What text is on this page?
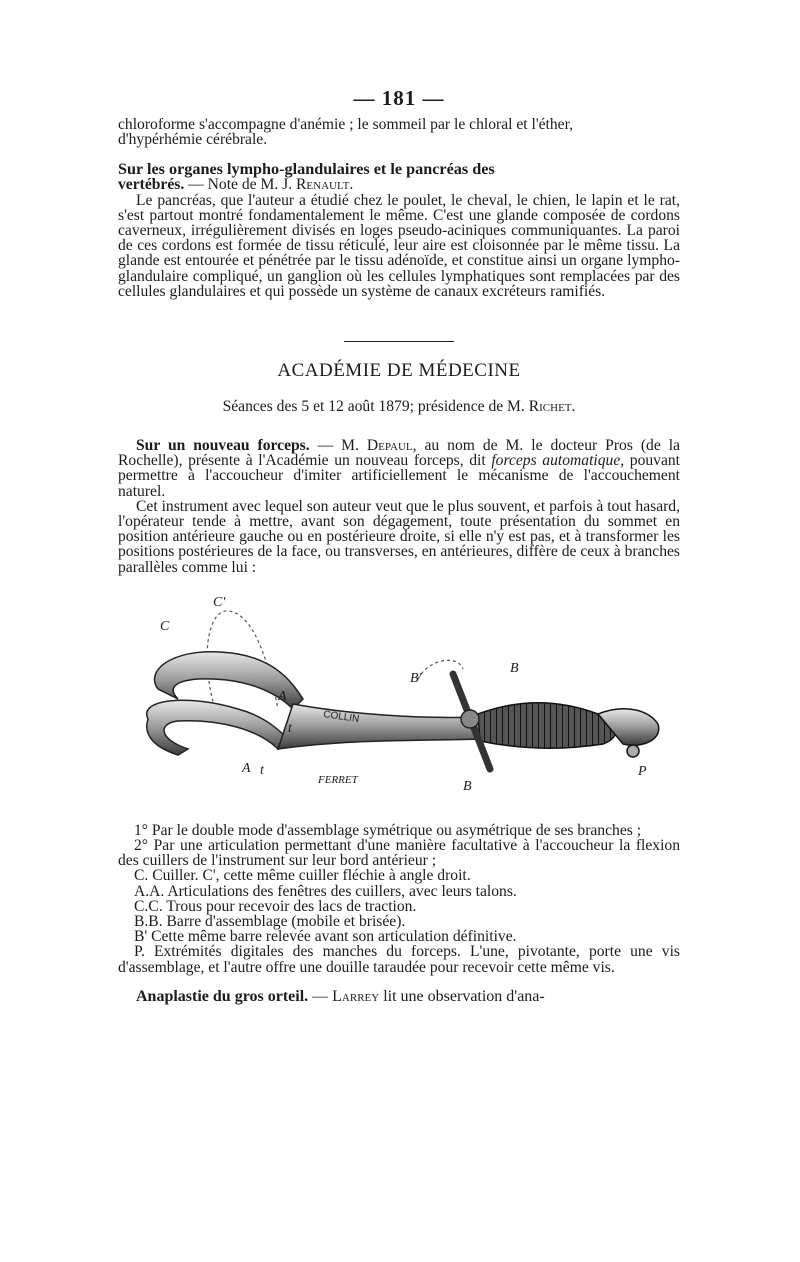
— 181 —

chloroforme s'accompagne d'anémie ; le sommeil par le chloral et l'éther,

d'hypérhémie cérébrale.

Sur les organes lympho-glandulaires et le pancréas des

vertébrés. — Note de M. J. Renault.

Le pancréas, que l'auteur a étudié chez le poulet, le cheval, le chien, le lapin et le rat, s'est partout montré fondamentalement le même. C'est une glande composée de cordons caverneux, irrégulièrement divisés en loges pseudo-aciniques communiquantes. La paroi de ces cordons est formée de tissu réticulé, leur aire est cloisonnée par le même tissu. La glande est entourée et pénétrée par le tissu adénoïde, et constitue ainsi un organe lympho-glandulaire compliqué, un ganglion où les cellules lymphatiques sont remplacées par des cellules glandulaires et qui possède un système de canaux excréteurs ramifiés.

ACADÉMIE DE MÉDECINE
Séances des 5 et 12 août 1879; présidence de M. Richet.

Sur un nouveau forceps. — M. Depaul, au nom de M. le docteur Pros (de la Rochelle), présente à l'Académie un nouveau forceps, dit forceps automatique, pouvant permettre à l'accoucheur d'imiter artificiellement le mécanisme de l'accouchement naturel.

Cet instrument avec lequel son auteur veut que le plus souvent, et parfois à tout hasard, l'opérateur tende à mettre, avant son dégagement, toute présentation du sommet en position antérieure gauche ou en postérieure droite, si elle n'y est pas, et à transformer les positions postérieures de la face, ou transverses, en antérieures, diffère de ceux à branches parallèles comme lui :

COLLIN
C'
C
A
A
t
t
B'
B
B
P
FERRET

1° Par le double mode d'assemblage symétrique ou asymétrique de ses branches ;

2° Par une articulation permettant d'une manière facultative à l'accoucheur la flexion des cuillers de l'instrument sur leur bord antérieur ;

C. Cuiller. C', cette même cuiller fléchie à angle droit.

A.A. Articulations des fenêtres des cuillers, avec leurs talons.

C.C. Trous pour recevoir des lacs de traction.

B.B. Barre d'assemblage (mobile et brisée).

B' Cette même barre relevée avant son articulation définitive.

P. Extrémités digitales des manches du forceps. L'une, pivotante, porte une vis d'assemblage, et l'autre offre une douille taraudée pour recevoir cette même vis.

Anaplastie du gros orteil. — Larrey lit une observation d'ana-
